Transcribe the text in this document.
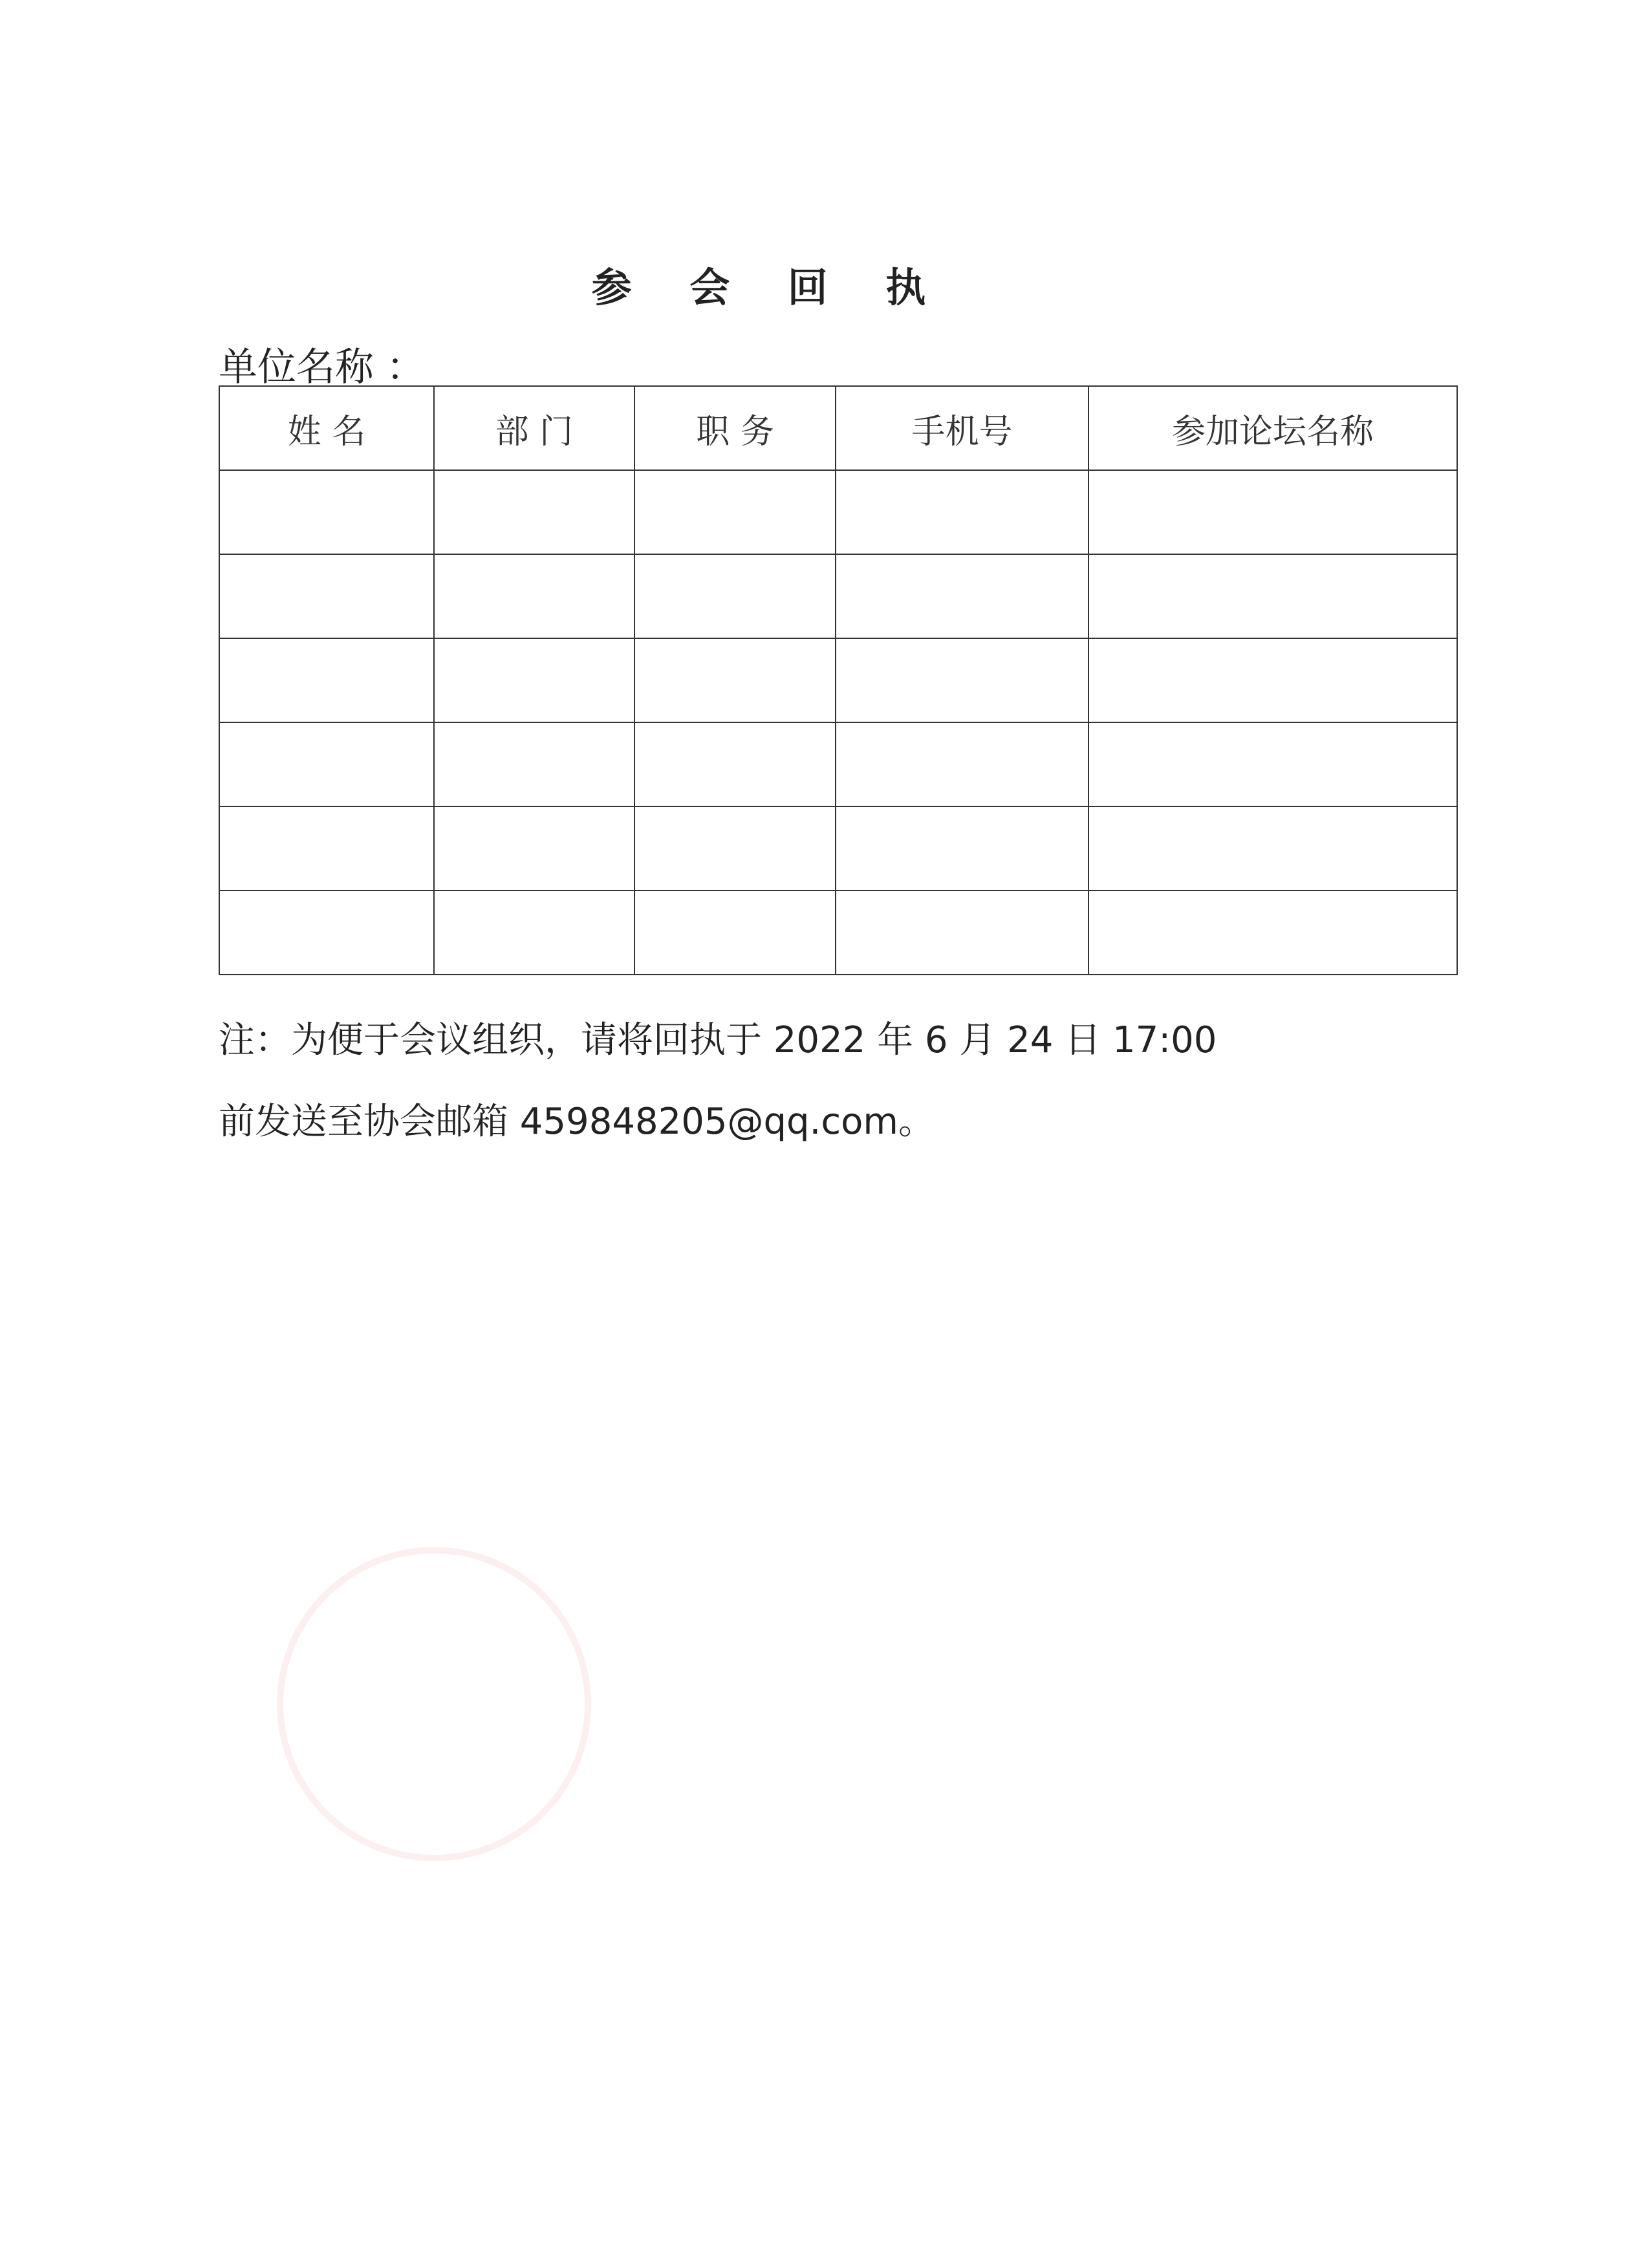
参 会 回 执
单位名称 ：
姓 名	部 门	职 务	手机号	参加论坛名称

注：为便于会议组织，请将回执于 2022 年 6 月 24 日 17:00
前发送至协会邮箱 459848205@qq.com。
